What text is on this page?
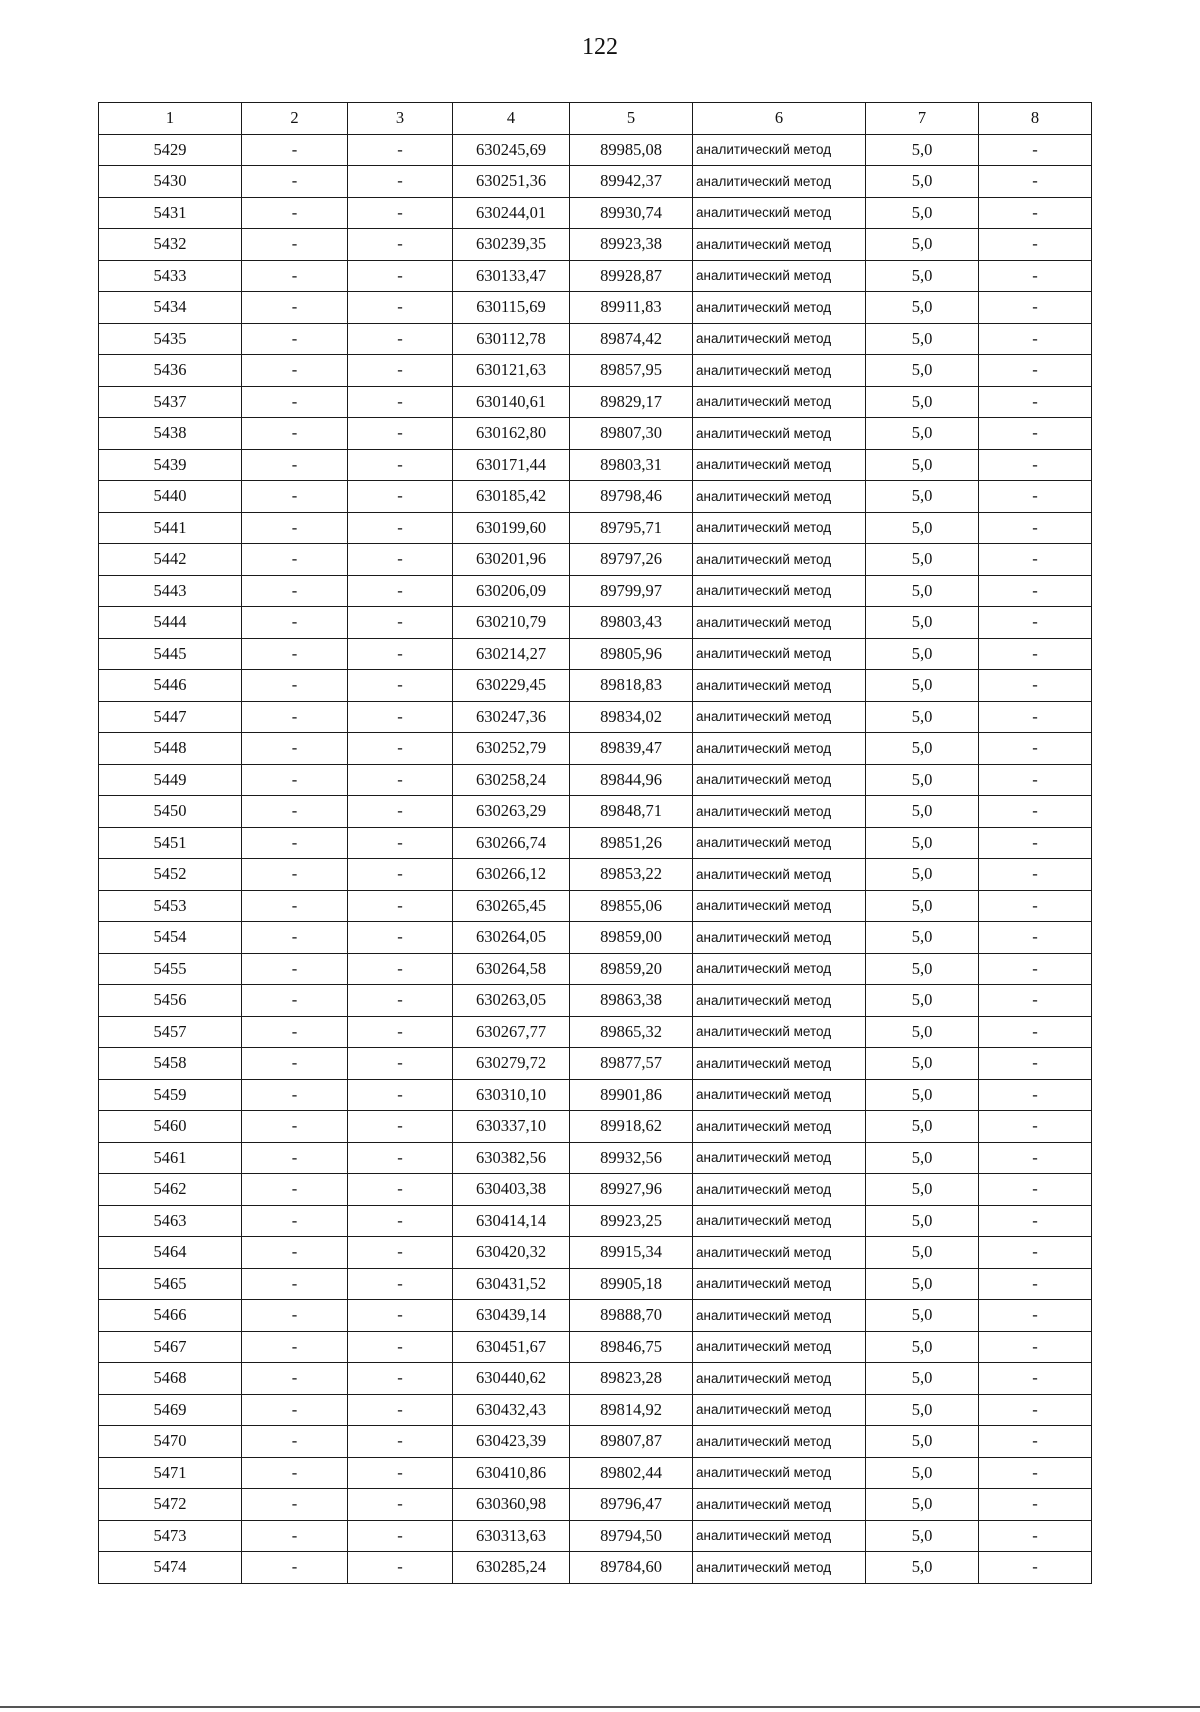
122
1	2	3	4	5	6	7	8
5429	-	-	630245,69	89985,08	аналитический метод	5,0	-
5430	-	-	630251,36	89942,37	аналитический метод	5,0	-
5431	-	-	630244,01	89930,74	аналитический метод	5,0	-
5432	-	-	630239,35	89923,38	аналитический метод	5,0	-
5433	-	-	630133,47	89928,87	аналитический метод	5,0	-
5434	-	-	630115,69	89911,83	аналитический метод	5,0	-
5435	-	-	630112,78	89874,42	аналитический метод	5,0	-
5436	-	-	630121,63	89857,95	аналитический метод	5,0	-
5437	-	-	630140,61	89829,17	аналитический метод	5,0	-
5438	-	-	630162,80	89807,30	аналитический метод	5,0	-
5439	-	-	630171,44	89803,31	аналитический метод	5,0	-
5440	-	-	630185,42	89798,46	аналитический метод	5,0	-
5441	-	-	630199,60	89795,71	аналитический метод	5,0	-
5442	-	-	630201,96	89797,26	аналитический метод	5,0	-
5443	-	-	630206,09	89799,97	аналитический метод	5,0	-
5444	-	-	630210,79	89803,43	аналитический метод	5,0	-
5445	-	-	630214,27	89805,96	аналитический метод	5,0	-
5446	-	-	630229,45	89818,83	аналитический метод	5,0	-
5447	-	-	630247,36	89834,02	аналитический метод	5,0	-
5448	-	-	630252,79	89839,47	аналитический метод	5,0	-
5449	-	-	630258,24	89844,96	аналитический метод	5,0	-
5450	-	-	630263,29	89848,71	аналитический метод	5,0	-
5451	-	-	630266,74	89851,26	аналитический метод	5,0	-
5452	-	-	630266,12	89853,22	аналитический метод	5,0	-
5453	-	-	630265,45	89855,06	аналитический метод	5,0	-
5454	-	-	630264,05	89859,00	аналитический метод	5,0	-
5455	-	-	630264,58	89859,20	аналитический метод	5,0	-
5456	-	-	630263,05	89863,38	аналитический метод	5,0	-
5457	-	-	630267,77	89865,32	аналитический метод	5,0	-
5458	-	-	630279,72	89877,57	аналитический метод	5,0	-
5459	-	-	630310,10	89901,86	аналитический метод	5,0	-
5460	-	-	630337,10	89918,62	аналитический метод	5,0	-
5461	-	-	630382,56	89932,56	аналитический метод	5,0	-
5462	-	-	630403,38	89927,96	аналитический метод	5,0	-
5463	-	-	630414,14	89923,25	аналитический метод	5,0	-
5464	-	-	630420,32	89915,34	аналитический метод	5,0	-
5465	-	-	630431,52	89905,18	аналитический метод	5,0	-
5466	-	-	630439,14	89888,70	аналитический метод	5,0	-
5467	-	-	630451,67	89846,75	аналитический метод	5,0	-
5468	-	-	630440,62	89823,28	аналитический метод	5,0	-
5469	-	-	630432,43	89814,92	аналитический метод	5,0	-
5470	-	-	630423,39	89807,87	аналитический метод	5,0	-
5471	-	-	630410,86	89802,44	аналитический метод	5,0	-
5472	-	-	630360,98	89796,47	аналитический метод	5,0	-
5473	-	-	630313,63	89794,50	аналитический метод	5,0	-
5474	-	-	630285,24	89784,60	аналитический метод	5,0	-
